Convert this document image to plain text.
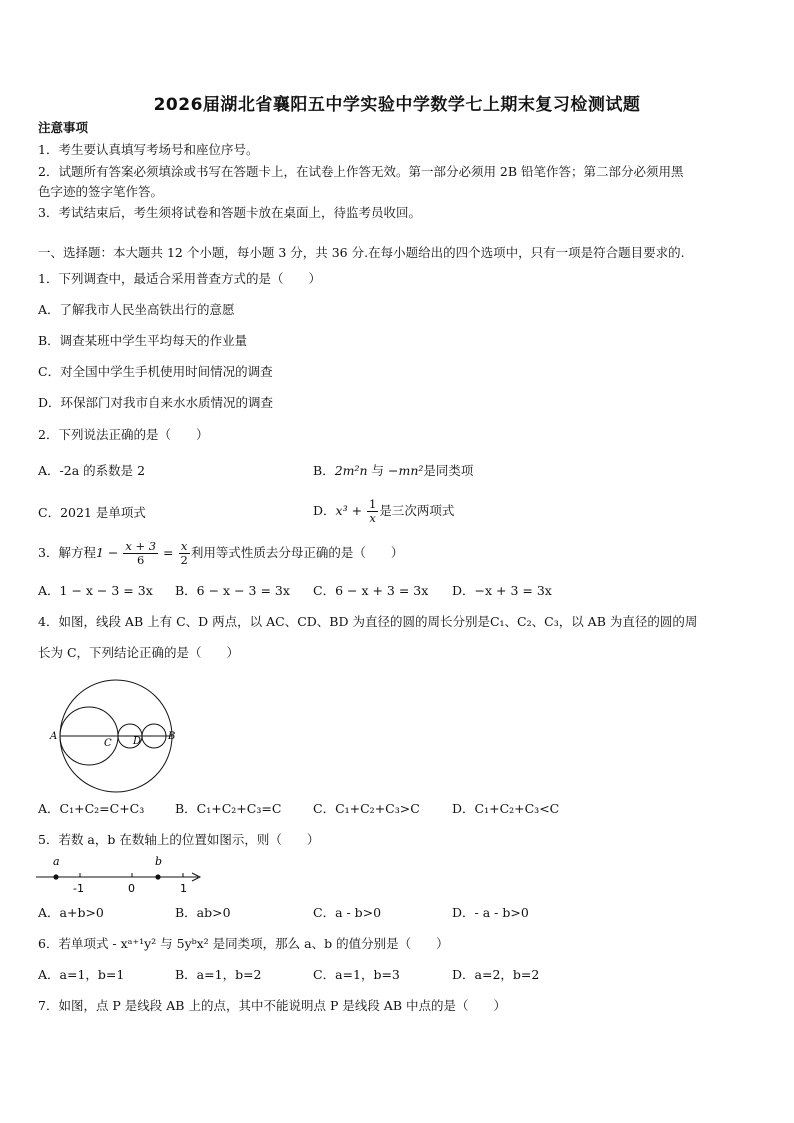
2026届湖北省襄阳五中学实验中学数学七上期末复习检测试题
注意事项
1．考生要认真填写考场号和座位序号。
2．试题所有答案必须填涂或书写在答题卡上，在试卷上作答无效。第一部分必须用 2B 铅笔作答；第二部分必须用黑
色字迹的签字笔作答。
3．考试结束后，考生须将试卷和答题卡放在桌面上，待监考员收回。
一、选择题：本大题共 12 个小题，每小题 3 分，共 36 分.在每小题给出的四个选项中，只有一项是符合题目要求的.
1．下列调查中，最适合采用普查方式的是（　　）
A．了解我市人民坐高铁出行的意愿
B．调查某班中学生平均每天的作业量
C．对全国中学生手机使用时间情况的调查
D．环保部门对我市自来水水质情况的调查
2．下列说法正确的是（　　）
A．-2a 的系数是 2	B．2m²n 与 −mn²是同类项
C．2021 是单项式	D．$x^3 + \frac{1}{x}$ 是三次两项式
3．解方程$1 - \frac{x + 3}{6} = \frac{x}{2}$ 利用等式性质去分母正确的是（　　）
A．1 − x − 3 = 3x B．6 − x − 3 = 3x C．6 − x + 3 = 3x D．−x + 3 = 3x
4．如图，线段 AB 上有 C、D 两点，以 AC、CD、BD 为直径的圆的周长分别是C₁、C₂、C₃，以 AB 为直径的圆的周
长为 C，下列结论正确的是（　　）
A
C D	B
A．C₁+C₂=C+C₃ B．C₁+C₂+C₃=C	C．C₁+C₂+C₃>C	D．C₁+C₂+C₃<C
5．若数 a，b 在数轴上的位置如图示，则（　　）
a	b
-1	0	1
A．a+b>0	B．ab>0	C．a - b>0	D．- a - b>0
6．若单项式 - xᵃ⁺¹y² 与 5yᵇx² 是同类项，那么 a、b 的值分别是（　　）
A．a=1，b=1	B．a=1，b=2	C．a=1，b=3	D．a=2，b=2
7．如图，点 P 是线段 AB 上的点，其中不能说明点 P 是线段 AB 中点的是（　　）
